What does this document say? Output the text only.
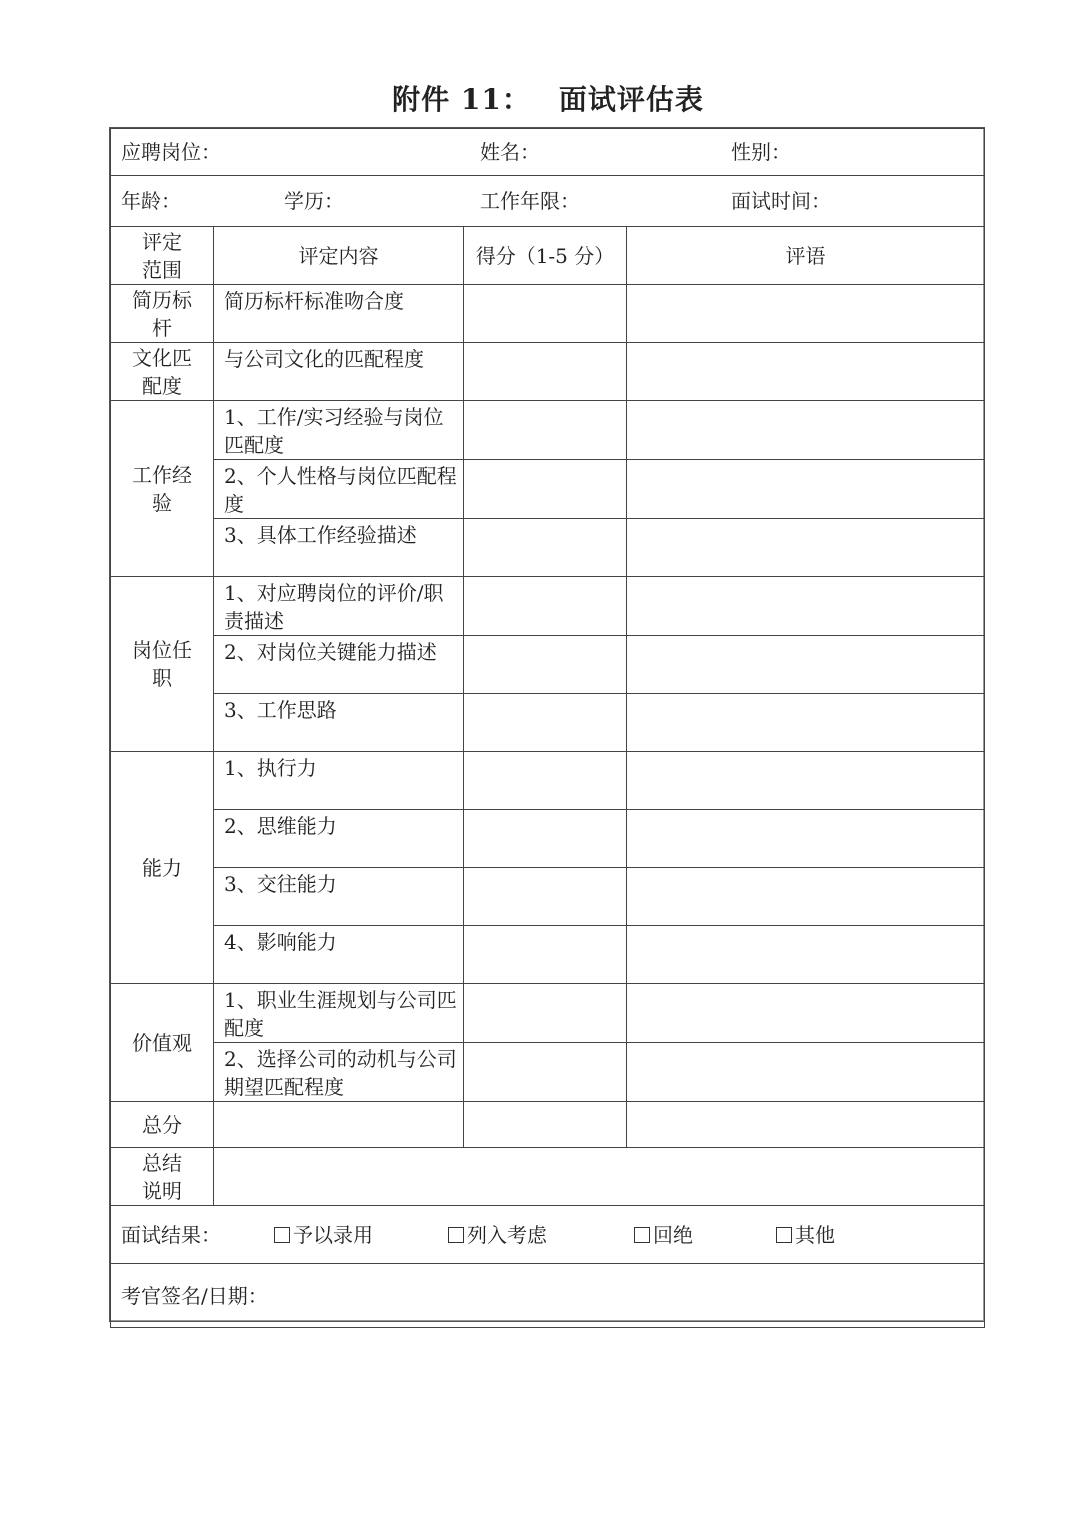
附件 11： 面试评估表
应聘岗位： 姓名： 性别：			

年龄： 学历： 工作年限： 面试时间：			

评定范围	评定内容	得分（1-5 分）	评语

简历标杆	简历标杆标准吻合度		

文化匹配度	与公司文化的匹配程度		

工作经验	1、工作/实习经验与岗位匹配度		
	2、个人性格与岗位匹配程度		
	3、具体工作经验描述		

岗位任职	1、对应聘岗位的评价/职责描述		
	2、对岗位关键能力描述		
	3、工作思路		
能力	1、执行力		
	2、思维能力		
	3、交往能力		
	4、影响能力		
价值观	1、职业生涯规划与公司匹配度		
	2、选择公司的动机与公司期望匹配程度		
总分			

总结说明			

面试结果： 予以录用 列入考虑 回绝 其他			

考官签名/日期：			
